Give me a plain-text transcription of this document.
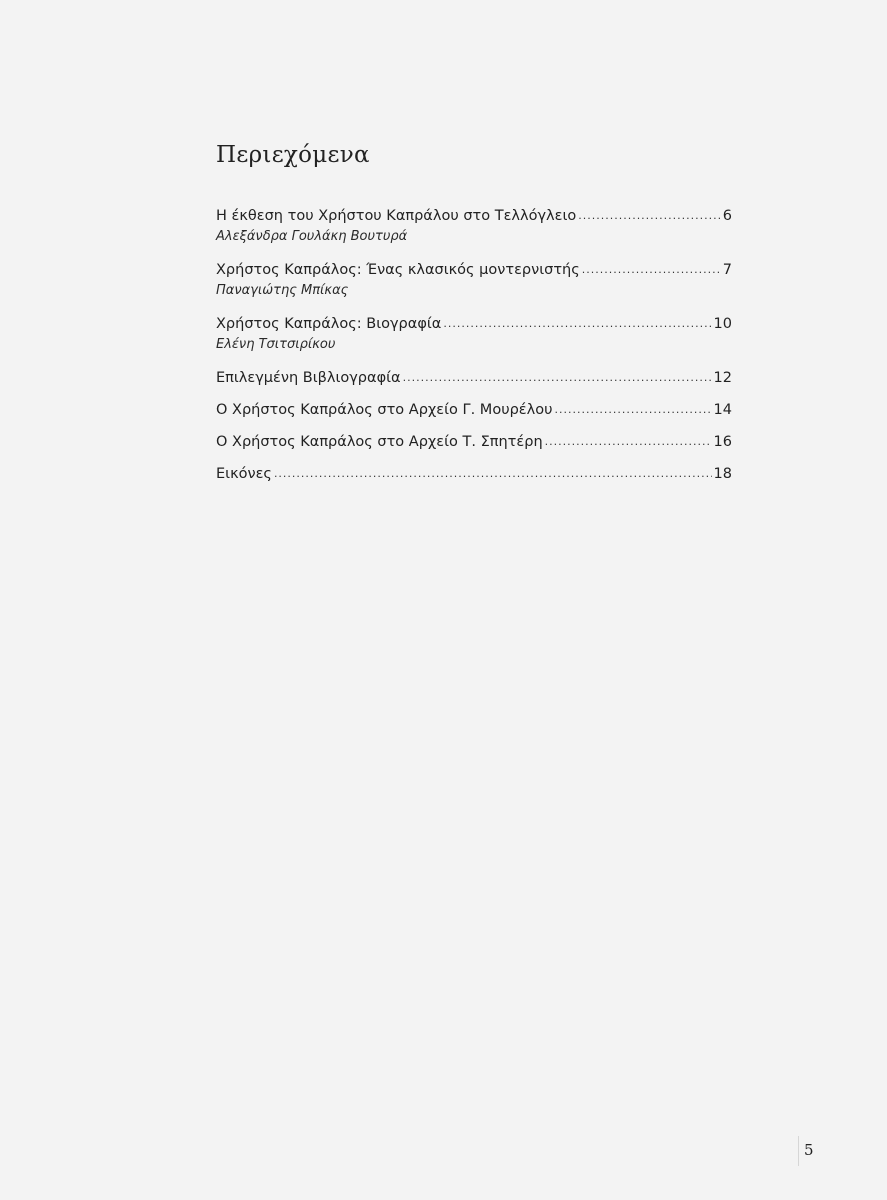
Περιεχόμενα
Η έκθεση του Χρήστου Καπράλου στο Τελλόγλειο .....	6
Αλεξάνδρα Γουλάκη Βουτυρά
Χρήστος Καπράλος: Ένας κλασικός μοντερνιστής .....	7
Παναγιώτης Μπίκας
Χρήστος Καπράλος: Βιογραφία .....	10
Ελένη Τσιτσιρίκου
Επιλεγμένη Βιβλιογραφία .....	12
Ο Χρήστος Καπράλος στο Αρχείο Γ. Μουρέλου .....	14
Ο Χρήστος Καπράλος στο Αρχείο Τ. Σπητέρη .....	16
Εικόνες .....	18
5
